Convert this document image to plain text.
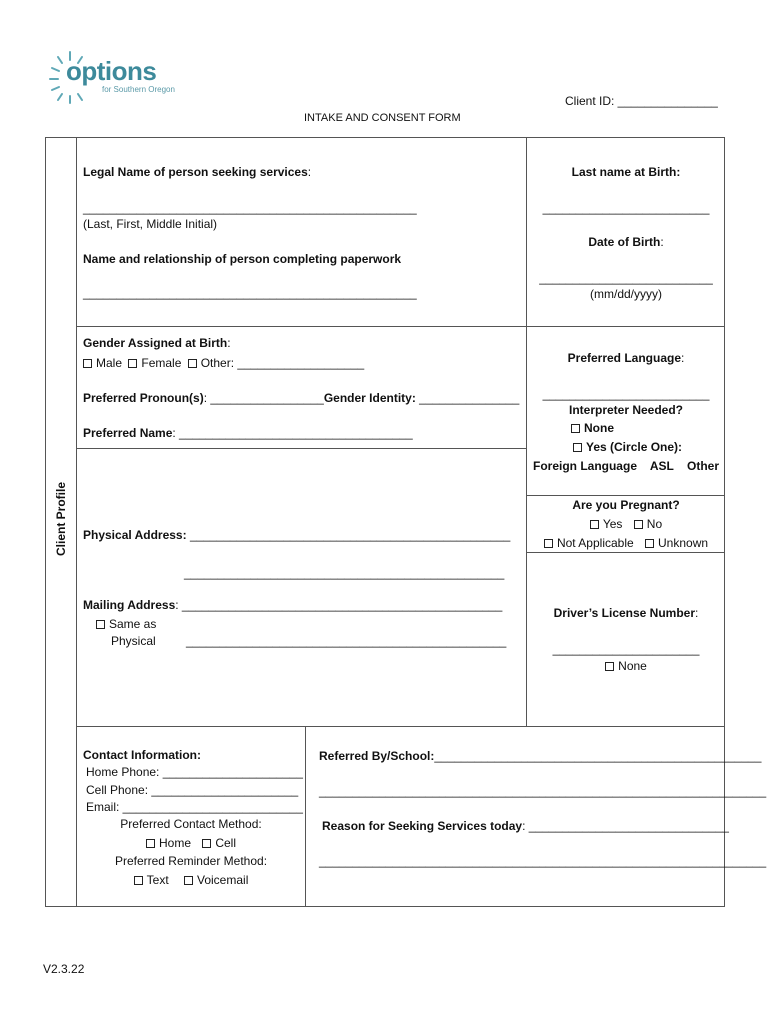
options
for Southern Oregon
Client ID: _______________
INTAKE AND CONSENT FORM
Client Profile
Legal Name of person seeking services:
__________________________________________________
(Last, First, Middle Initial)
Name and relationship of person completing paperwork
__________________________________________________
Last name at Birth:
_________________________
Date of Birth:
__________________________
(mm/dd/yyyy)
Gender Assigned at Birth:
Male Female Other: ___________________
Preferred Pronoun(s): _________________Gender Identity: _______________
Preferred Name: ___________________________________
Preferred Language:
_________________________
Interpreter Needed?
None
Yes (Circle One):
Foreign Language    ASL    Other
Are you Pregnant?
Yes No
Not Applicable Unknown
Physical Address: ________________________________________________
________________________________________________
Mailing Address: ________________________________________________
Same as
Physical	________________________________________________
Driver’s License Number:
______________________
None
Contact Information:
Home Phone: _____________________
Cell Phone: ______________________
Email: ___________________________
Preferred Contact Method:
Home Cell
Preferred Reminder Method:
Text Voicemail
Referred By/School:_________________________________________________
___________________________________________________________________
Reason for Seeking Services today: ______________________________
___________________________________________________________________
V2.3.22
